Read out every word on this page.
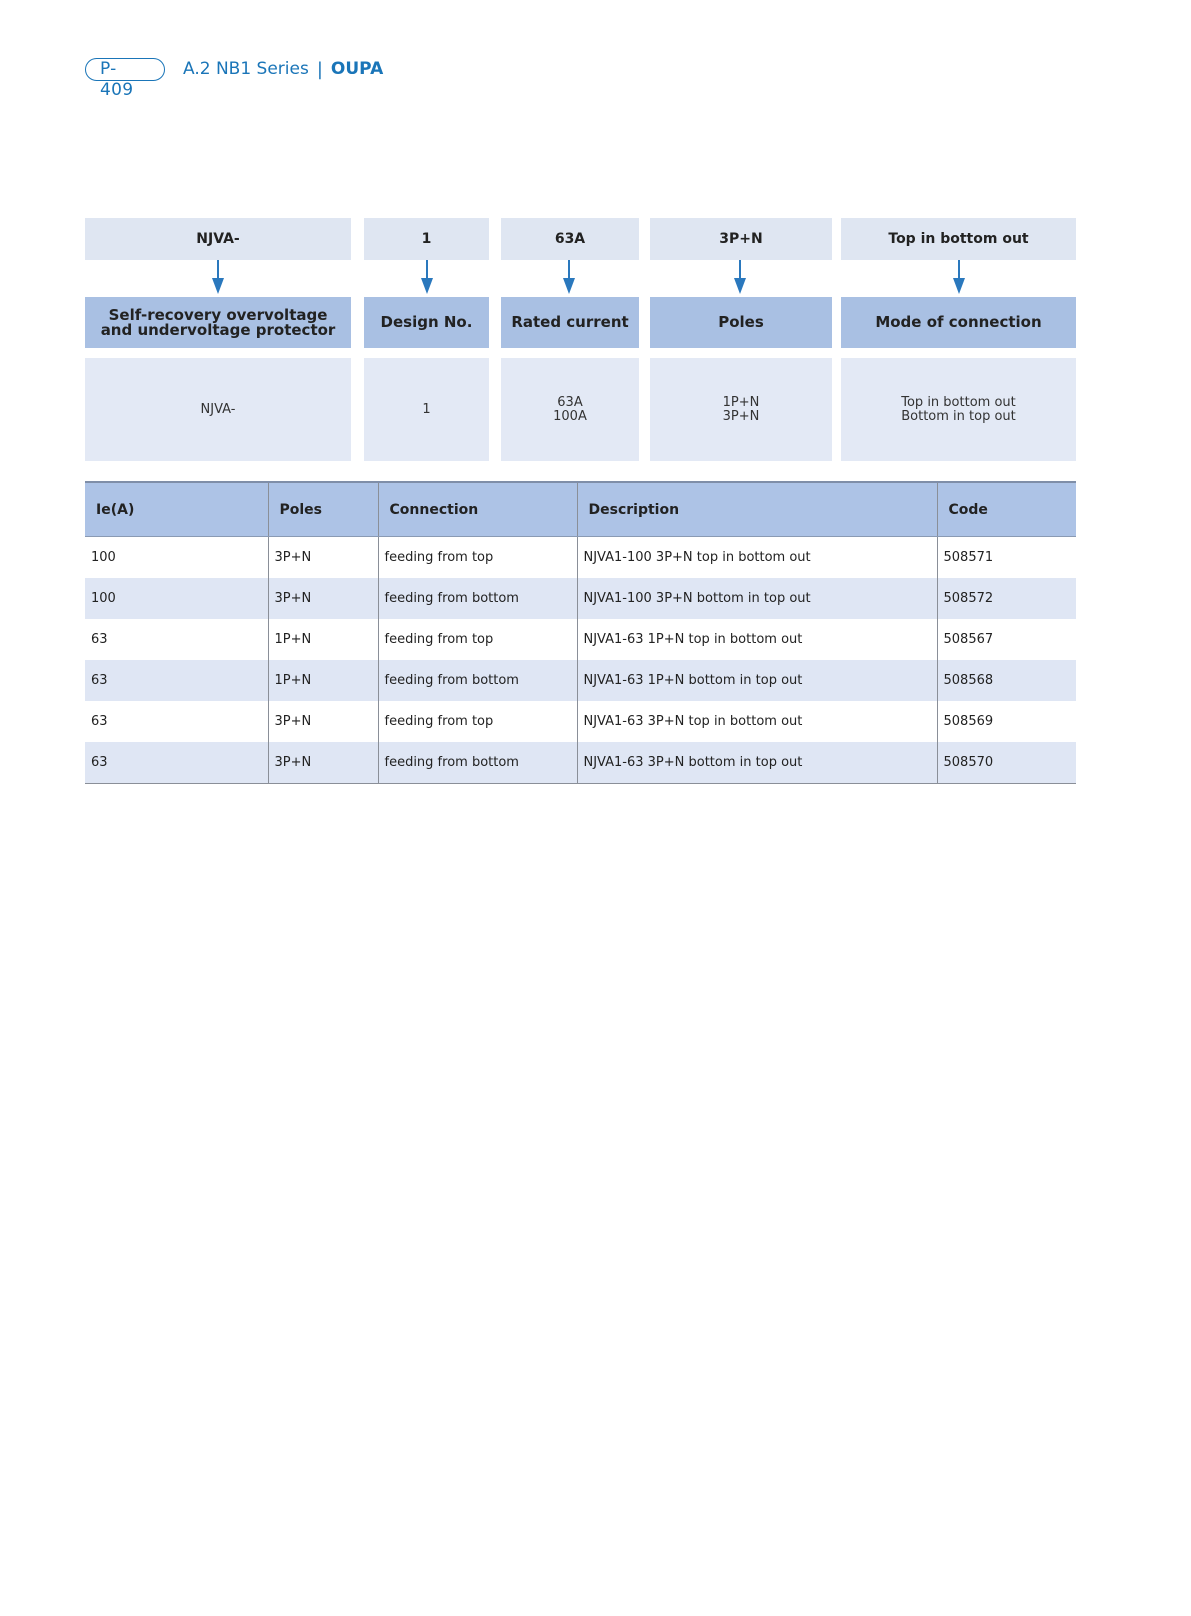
P- 409
A.2 NB1 Series | OUPA
NJVA-
Self-recovery overvoltage and undervoltage protector
NJVA-
1
Design No.
1
63A
Rated current
63A
100A
3P+N
Poles
1P+N
3P+N
Top in bottom out
Mode of connection
Top in bottom out
Bottom in top out
Ie(A)	Poles	Connection	Description	Code
100	3P+N	feeding from top	NJVA1-100 3P+N top in bottom out	508571
100	3P+N	feeding from bottom	NJVA1-100 3P+N bottom in top out	508572
63	1P+N	feeding from top	NJVA1-63 1P+N top in bottom out	508567
63	1P+N	feeding from bottom	NJVA1-63 1P+N bottom in top out	508568
63	3P+N	feeding from top	NJVA1-63 3P+N top in bottom out	508569
63	3P+N	feeding from bottom	NJVA1-63 3P+N bottom in top out	508570
